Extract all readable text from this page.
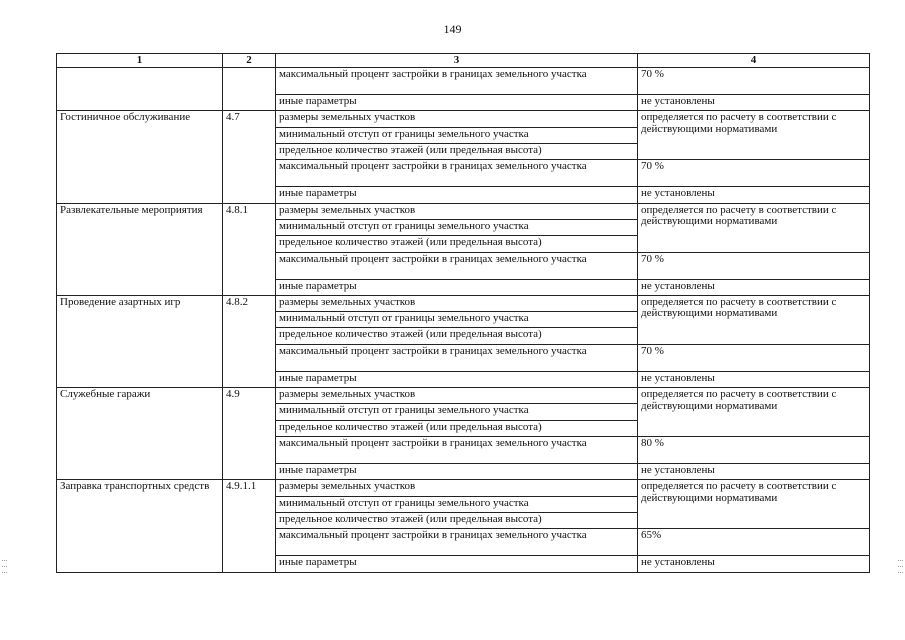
149
1	2	3	4
		максимальный процент застройки в границах земельного участка	70 %
		иные параметры	не установлены
Гостиничное обслуживание	4.7	размеры земельных участков	определяется по расчету в соответствии с действующими нормативами
		минимальный отступ от границы земельного участка	
		предельное количество этажей (или предельная высота)	
		максимальный процент застройки в границах земельного участка	70 %
		иные параметры	не установлены
Развлекательные мероприятия	4.8.1	размеры земельных участков	определяется по расчету в соответствии с действующими нормативами
		минимальный отступ от границы земельного участка	
		предельное количество этажей (или предельная высота)	
		максимальный процент застройки в границах земельного участка	70 %
		иные параметры	не установлены
Проведение азартных игр	4.8.2	размеры земельных участков	определяется по расчету в соответствии с действующими нормативами
		минимальный отступ от границы земельного участка	
		предельное количество этажей (или предельная высота)	
		максимальный процент застройки в границах земельного участка	70 %
		иные параметры	не установлены
Служебные гаражи	4.9	размеры земельных участков	определяется по расчету в соответствии с действующими нормативами
		минимальный отступ от границы земельного участка	
		предельное количество этажей (или предельная высота)	
		максимальный процент застройки в границах земельного участка	80 %
		иные параметры	не установлены
Заправка транспортных средств	4.9.1.1	размеры земельных участков	определяется по расчету в соответствии с действующими нормативами
		минимальный отступ от границы земельного участка	
		предельное количество этажей (или предельная высота)	
		максимальный процент застройки в границах земельного участка	65%
		иные параметры	не установлены
